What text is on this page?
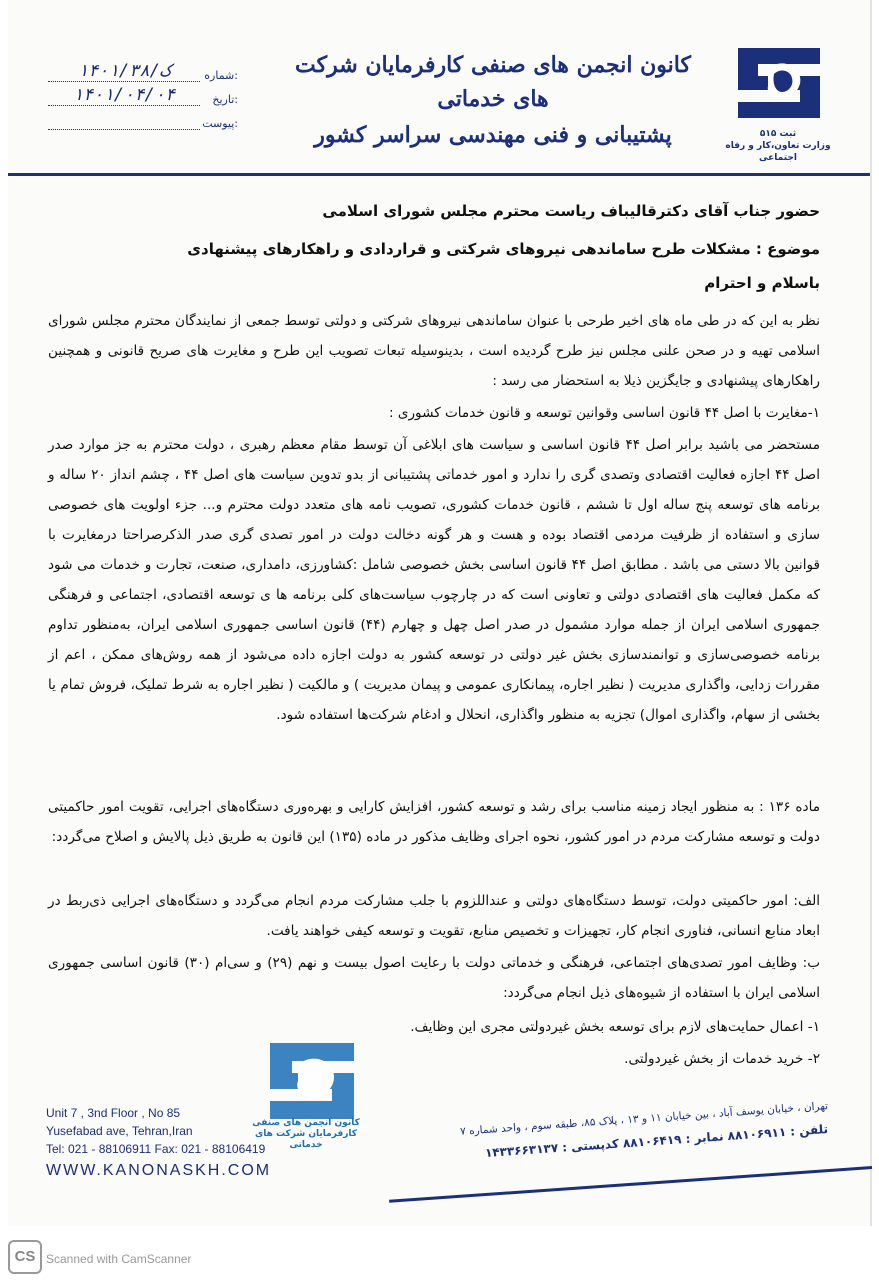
ثبت ۵۱۵
وزارت تعاون،کار و رفاه اجتماعی
کانون انجمن های صنفی کارفرمایان شرکت های خدماتی
پشتیبانی و فنی مهندسی سراسر کشور
شماره:
۱۴۰۱/ک/۳۸
تاریخ:
۱۴۰۱/۰۴/۰۴
پیوست:
حضور جناب آقای دکترقالیباف ریاست محترم مجلس شورای اسلامی
موضوع : مشکلات طرح ساماندهی نیروهای شرکتی و قراردادی و راهکارهای پیشنهادی
باسلام و احترام
نظر به این که در طی ماه های اخیر طرحی با عنوان ساماندهی نیروهای شرکتی و دولتی توسط جمعی از نمایندگان محترم مجلس شورای اسلامی تهیه و در صحن علنی مجلس نیز طرح گردیده است ، بدینوسیله تبعات تصویب این طرح و مغایرت های صریح قانونی و همچنین راهکارهای پیشنهادی و جایگزین ذیلا به استحضار می رسد :
۱-مغایرت با اصل ۴۴ قانون اساسی وقوانین توسعه و قانون خدمات کشوری :
مستحضر می باشید برابر اصل ۴۴ قانون اساسی و سیاست های ابلاغی آن توسط مقام معظم رهبری ، دولت محترم به جز موارد صدر اصل ۴۴ اجازه فعالیت اقتصادی وتصدی گری را ندارد و امور خدماتی پشتیبانی از بدو تدوین سیاست های اصل ۴۴ ، چشم انداز ۲۰ ساله و برنامه های توسعه پنج ساله اول تا ششم ، قانون خدمات کشوری، تصویب نامه های متعدد دولت محترم و... جزء اولویت های خصوصی سازی و استفاده از ظرفیت مردمی اقتصاد بوده و هست و هر گونه دخالت دولت در امور تصدی گری صدر الذکرصراحتا درمغایرت با قوانین بالا دستی می باشد . مطابق اصل ۴۴ قانون اساسی بخش خصوصی شامل :کشاورزی، دامداری، صنعت، تجارت و خدمات می شود که مکمل فعالیت های اقتصادی دولتی و تعاونی است که در چارچوب سیاست‌های کلی برنامه ها ی توسعه اقتصادی، اجتماعی و فرهنگی جمهوری اسلامی ایران از جمله موارد مشمول در صدر اصل چهل و چهارم (۴۴) قانون اساسی جمهوری اسلامی ایران، به‌منظور تداوم برنامه خصوصی‌سازی و توانمندسازی بخش غیر دولتی در توسعه کشور به دولت اجازه داده می‌شود از همه روش‌های ممکن ، اعم از مقررات زدایی، واگذاری مدیریت ( نظیر اجاره، پیمانکاری عمومی و پیمان مدیریت ) و مالکیت ( نظیر اجاره به شرط تملیک، فروش تمام یا بخشی از سهام، واگذاری اموال) تجزیه به منظور واگذاری، انحلال و ادغام شرکت‌ها استفاده شود.
ماده ۱۳۶ : به منظور ایجاد زمینه مناسب برای رشد و توسعه کشور، افزایش کارایی و بهره‌وری دستگاه‌های اجرایی، تقویت امور حاکمیتی دولت و توسعه مشارکت مردم در امور کشور، نحوه اجرای وظایف مذکور در ماده (۱۳۵) این قانون به طریق ذیل پالایش و اصلاح می‌گردد:
الف: امور حاکمیتی دولت، توسط دستگاه‌های دولتی و عنداللزوم با جلب مشارکت مردم انجام می‌گردد و دستگاه‌های اجرایی ذی‌ربط در ابعاد منابع انسانی، فناوری انجام کار، تجهیزات و تخصیص منابع، تقویت و توسعه کیفی خواهند یافت.
ب: وظایف امور تصدی‌های اجتماعی، فرهنگی و خدماتی دولت با رعایت اصول بیست و نهم (۲۹) و سی‌ام (۳۰) قانون اساسی جمهوری اسلامی ایران با استفاده از شیوه‌های ذیل انجام می‌گردد:
۱- اعمال حمایت‌های لازم برای توسعه بخش غیردولتی مجری این وظایف.
۲- خرید خدمات از بخش غیردولتی.
کانون انجمن های صنفی کارفرمایان شرکت های خدماتی
Unit 7 , 3nd Floor , No 85
Yusefabad ave, Tehran,Iran
Tel: 021 - 88106911 Fax: 021 - 88106419
WWW.KANONASKH.COM
تهران ، خیابان یوسف آباد ، بین خیابان ۱۱ و ۱۳ ، پلاک ۸۵، طبقه سوم ، واحد شماره ۷
تلفن : ۸۸۱۰۶۹۱۱ نمابر : ۸۸۱۰۶۴۱۹ کدپستی : ۱۴۳۳۶۶۳۱۳۷
CS Scanned with CamScanner
